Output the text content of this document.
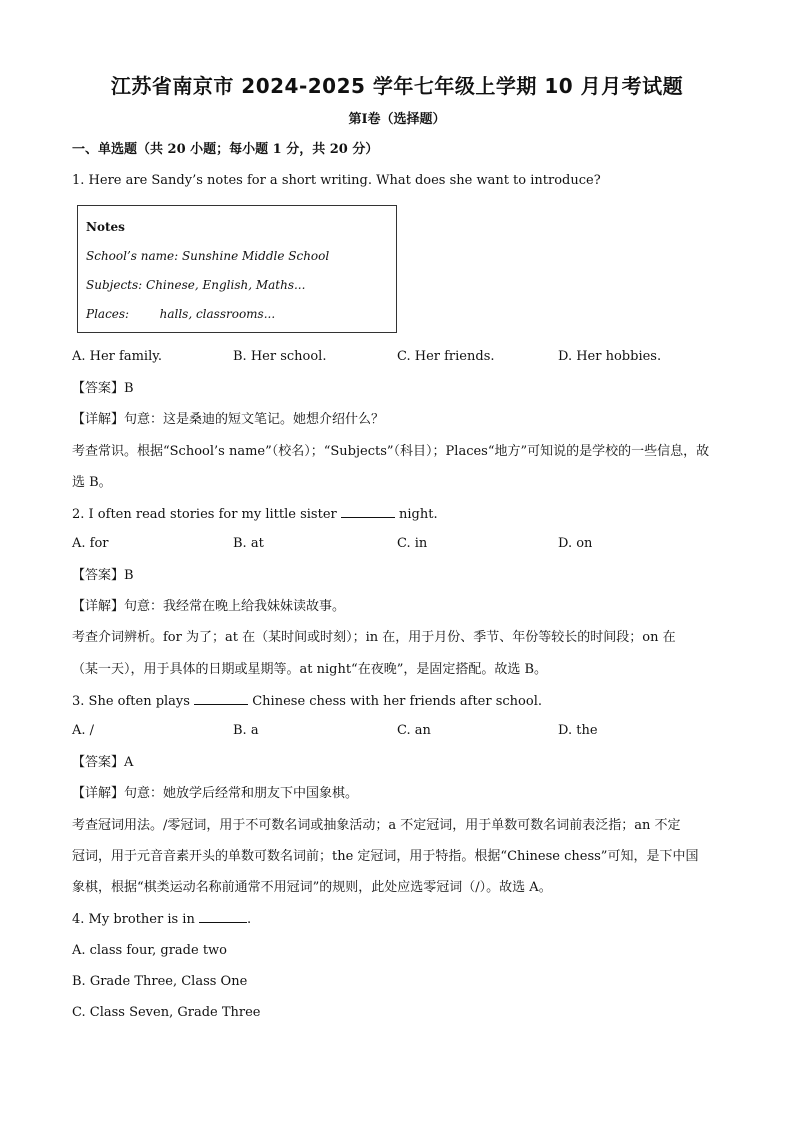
江苏省南京市 2024-2025 学年七年级上学期 10 月月考试题
第Ⅰ卷（选择题）
一、单选题（共 20 小题；每小题 1 分，共 20 分）
1. Here are Sandy’s notes for a short writing. What does she want to introduce?
Notes
School’s name: Sunshine Middle School
Subjects: Chinese, English, Maths...
Places:        halls, classrooms...
A. Her family.	B. Her school.	C. Her friends.	D. Her hobbies.
【答案】B
【详解】句意：这是桑迪的短文笔记。她想介绍什么？
考查常识。根据“School’s name”（校名）；“Subjects”（科目）；Places“地方”可知说的是学校的一些信息，故
选 B。
2. I often read stories for my little sister	night.
A. for	B. at	C. in	D. on
【答案】B
【详解】句意：我经常在晚上给我妹妹读故事。
考查介词辨析。for 为了；at 在（某时间或时刻）；in 在，用于月份、季节、年份等较长的时间段；on 在
（某一天），用于具体的日期或星期等。at night“在夜晚”，是固定搭配。故选 B。
3. She often plays	Chinese chess with her friends after school.
A. /	B. a	C. an	D. the
【答案】A
【详解】句意：她放学后经常和朋友下中国象棋。
考查冠词用法。/零冠词，用于不可数名词或抽象活动；a 不定冠词，用于单数可数名词前表泛指；an 不定
冠词，用于元音音素开头的单数可数名词前；the 定冠词，用于特指。根据“Chinese chess”可知，是下中国
象棋，根据“棋类运动名称前通常不用冠词”的规则，此处应选零冠词（/）。故选 A。
4. My brother is in	.
A. class four, grade two
B. Grade Three, Class One
C. Class Seven, Grade Three
